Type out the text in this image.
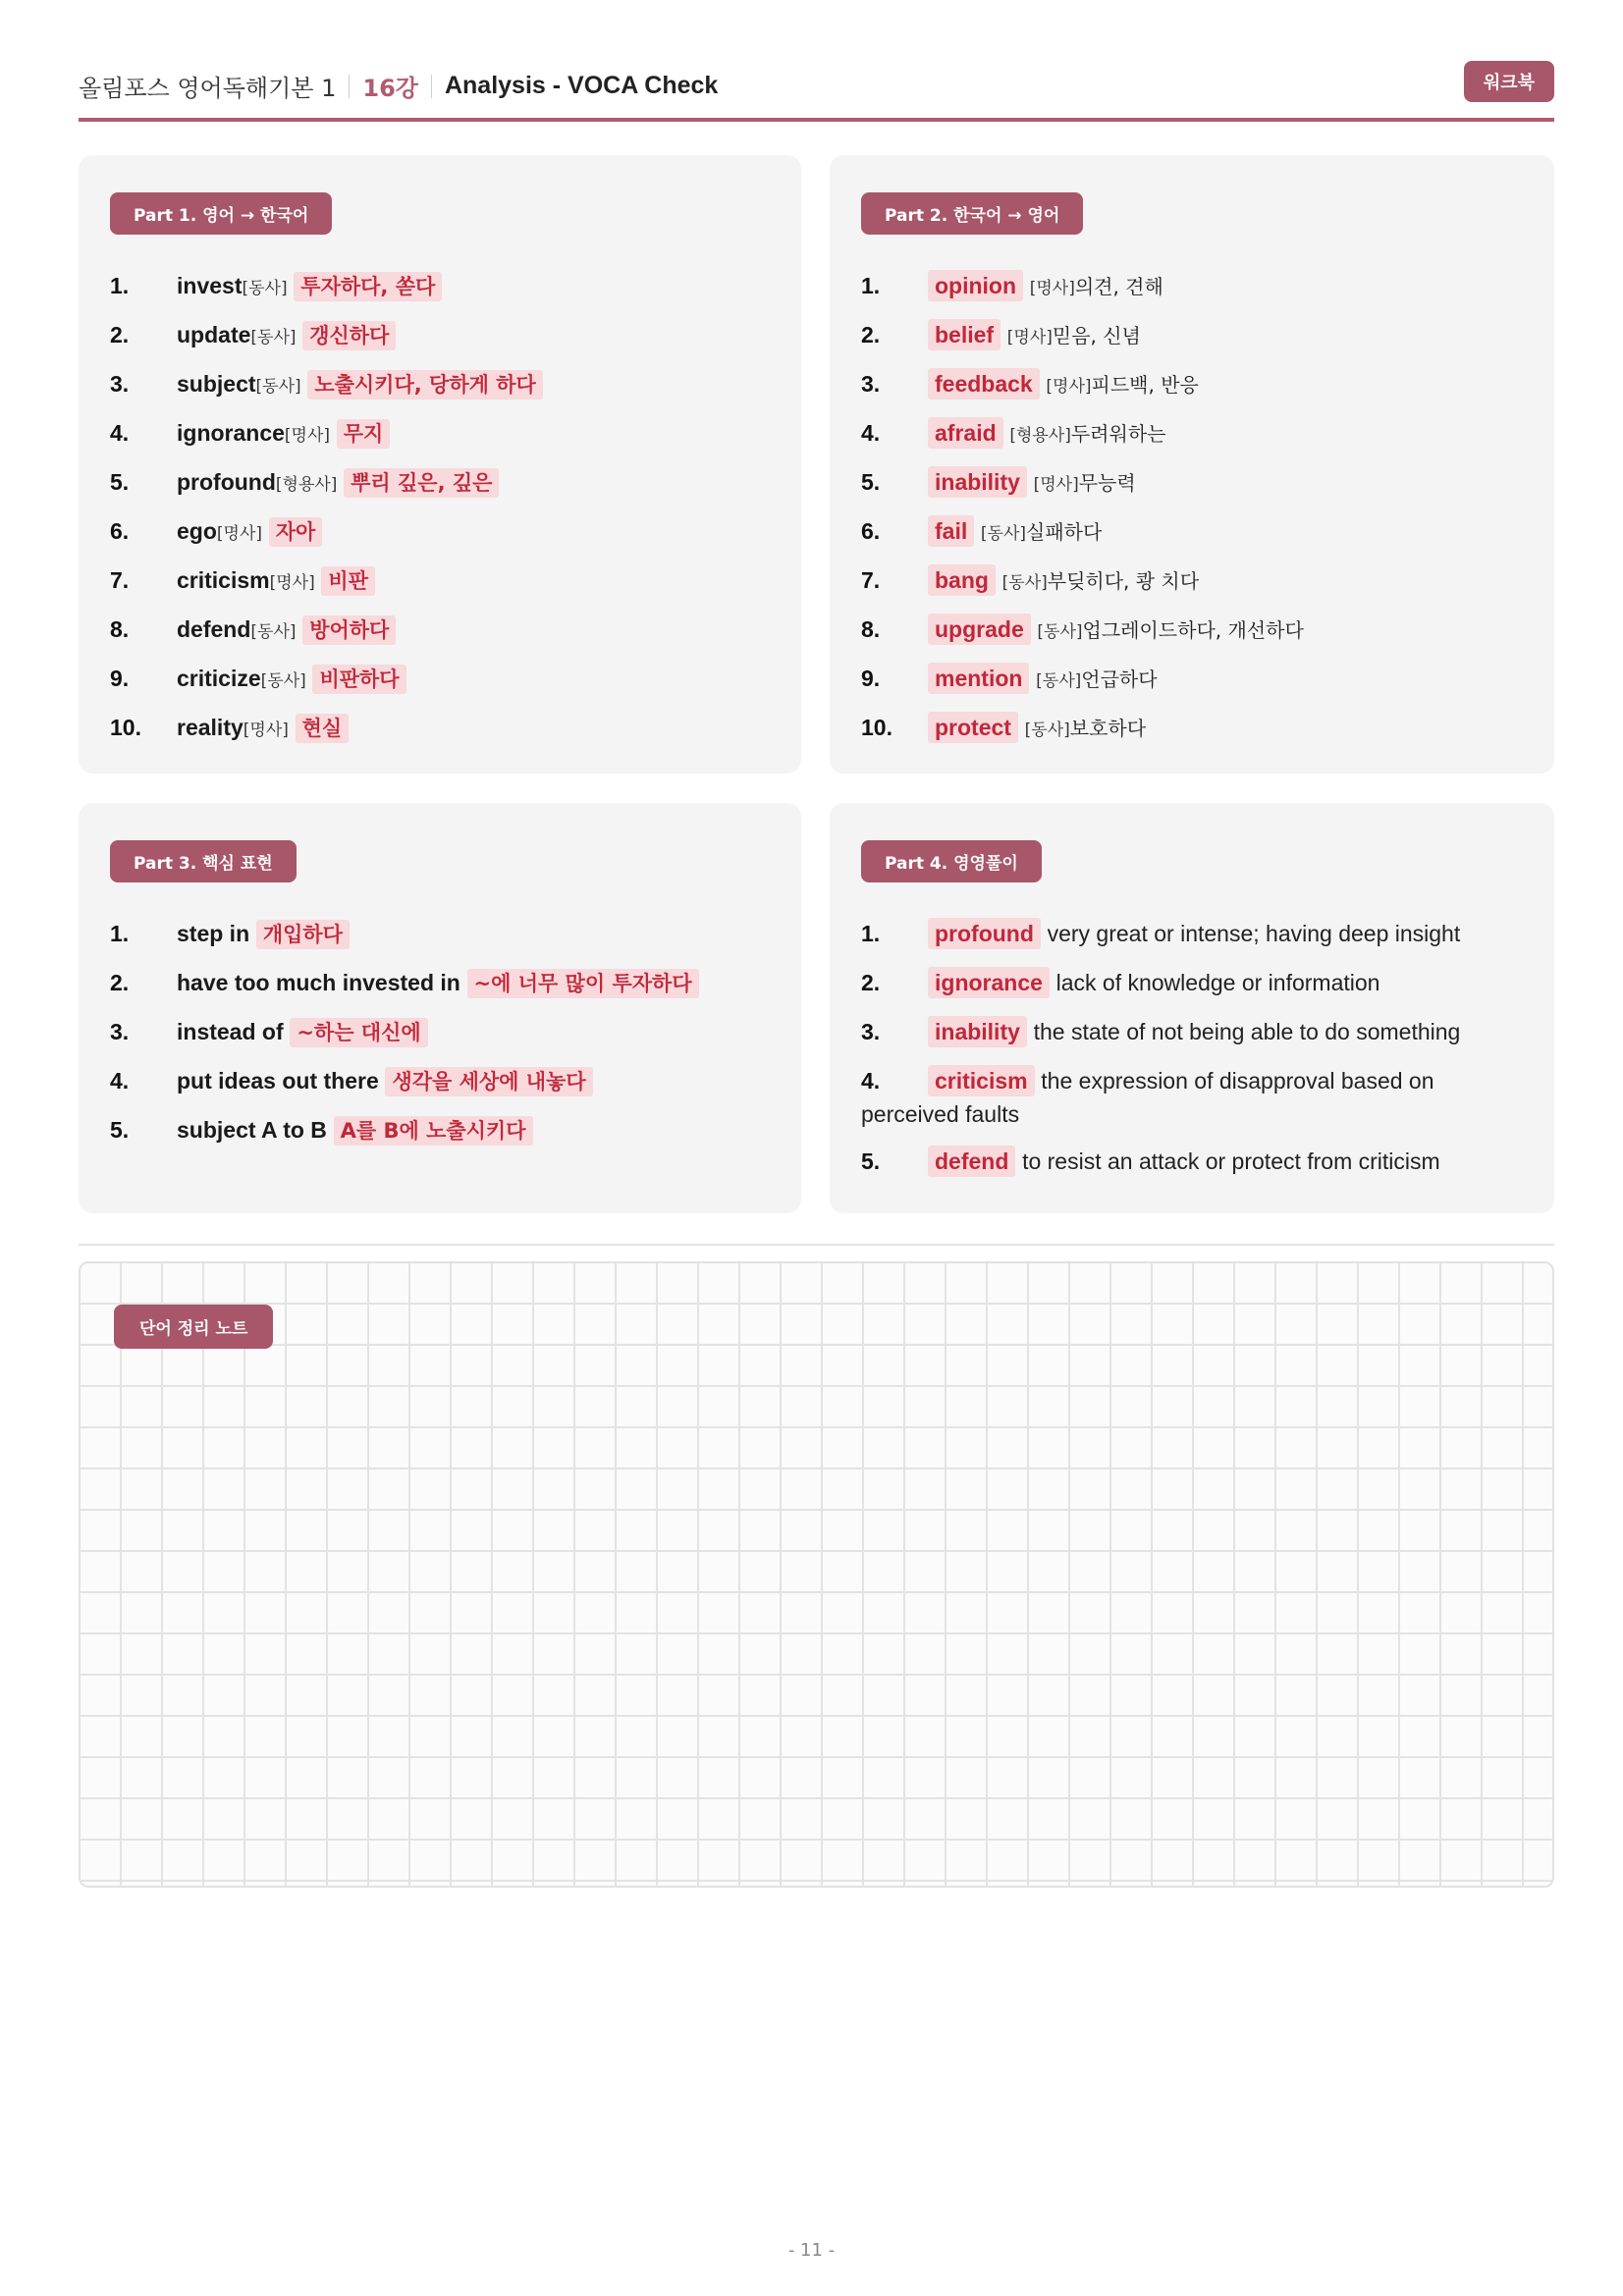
올림포스 영어독해기본 1 16강 Analysis - VOCA Check	워크북
Part 1. 영어 → 한국어
1. invest[동사] 투자하다, 쏟다
2. update[동사] 갱신하다
3. subject[동사] 노출시키다, 당하게 하다
4. ignorance[명사] 무지
5. profound[형용사] 뿌리 깊은, 깊은
6. ego[명사] 자아
7. criticism[명사] 비판
8. defend[동사] 방어하다
9. criticize[동사] 비판하다
10. reality[명사] 현실
Part 2. 한국어 → 영어
1.	opinion [명사]의견, 견해
2.	belief [명사]믿음, 신념
3.	feedback [명사]피드백, 반응
4.	afraid [형용사]두려워하는
5.	inability [명사]무능력
6.	fail [동사]실패하다
7.	bang [동사]부딪히다, 쾅 치다
8.	upgrade [동사]업그레이드하다, 개선하다
9.	mention [동사]언급하다
10.	protect [동사]보호하다
Part 3. 핵심 표현
1. step in 개입하다
2. have too much invested in ~에 너무 많이 투자하다
3. instead of ~하는 대신에
4. put ideas out there 생각을 세상에 내놓다
5. subject A to B A를 B에 노출시키다
Part 4. 영영풀이
1.	profound very great or intense; having deep insight
2.	ignorance lack of knowledge or information
3.	inability the state of not being able to do something
4.	criticism the expression of disapproval based on
perceived faults
5.	defend to resist an attack or protect from criticism
단어 정리 노트
- 11 -
